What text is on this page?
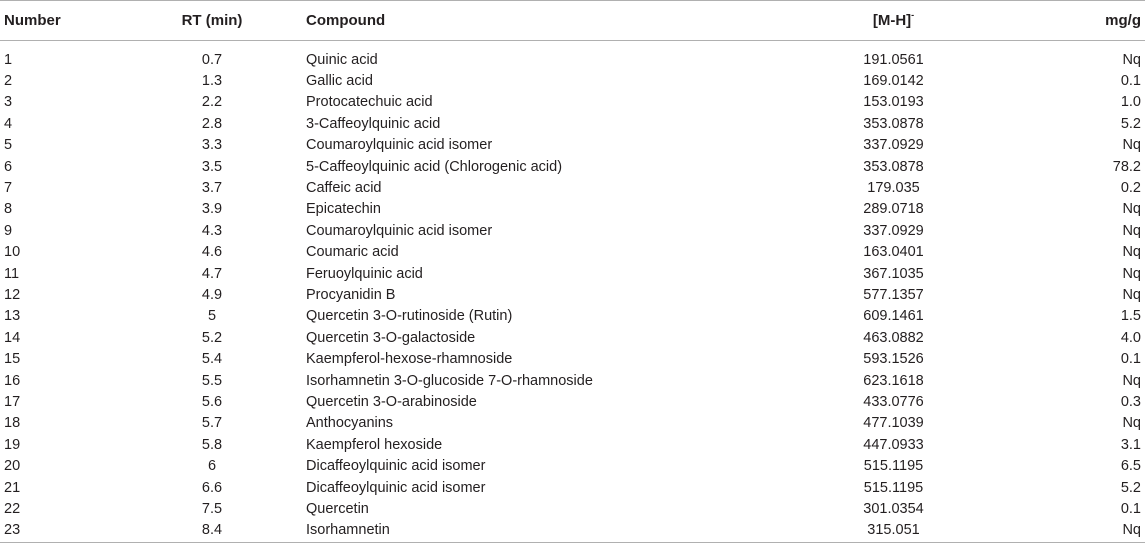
Number	RT (min)	Compound	[M-H]-	mg/g

1	0.7	Quinic acid	191.0561	Nq
2	1.3	Gallic acid	169.0142	0.1
3	2.2	Protocatechuic acid	153.0193	1.0
4	2.8	3-Caffeoylquinic acid	353.0878	5.2
5	3.3	Coumaroylquinic acid isomer	337.0929	Nq
6	3.5	5-Caffeoylquinic acid (Chlorogenic acid)	353.0878	78.2
7	3.7	Caffeic acid	179.035	0.2
8	3.9	Epicatechin	289.0718	Nq
9	4.3	Coumaroylquinic acid isomer	337.0929	Nq
10	4.6	Coumaric acid	163.0401	Nq
11	4.7	Feruoylquinic acid	367.1035	Nq
12	4.9	Procyanidin B	577.1357	Nq
13	5	Quercetin 3-O-rutinoside (Rutin)	609.1461	1.5
14	5.2	Quercetin 3-O-galactoside	463.0882	4.0
15	5.4	Kaempferol-hexose-rhamnoside	593.1526	0.1
16	5.5	Isorhamnetin 3-O-glucoside 7-O-rhamnoside	623.1618	Nq
17	5.6	Quercetin 3-O-arabinoside	433.0776	0.3
18	5.7	Anthocyanins	477.1039	Nq
19	5.8	Kaempferol hexoside	447.0933	3.1
20	6	Dicaffeoylquinic acid isomer	515.1195	6.5
21	6.6	Dicaffeoylquinic acid isomer	515.1195	5.2
22	7.5	Quercetin	301.0354	0.1
23	8.4	Isorhamnetin	315.051	Nq
